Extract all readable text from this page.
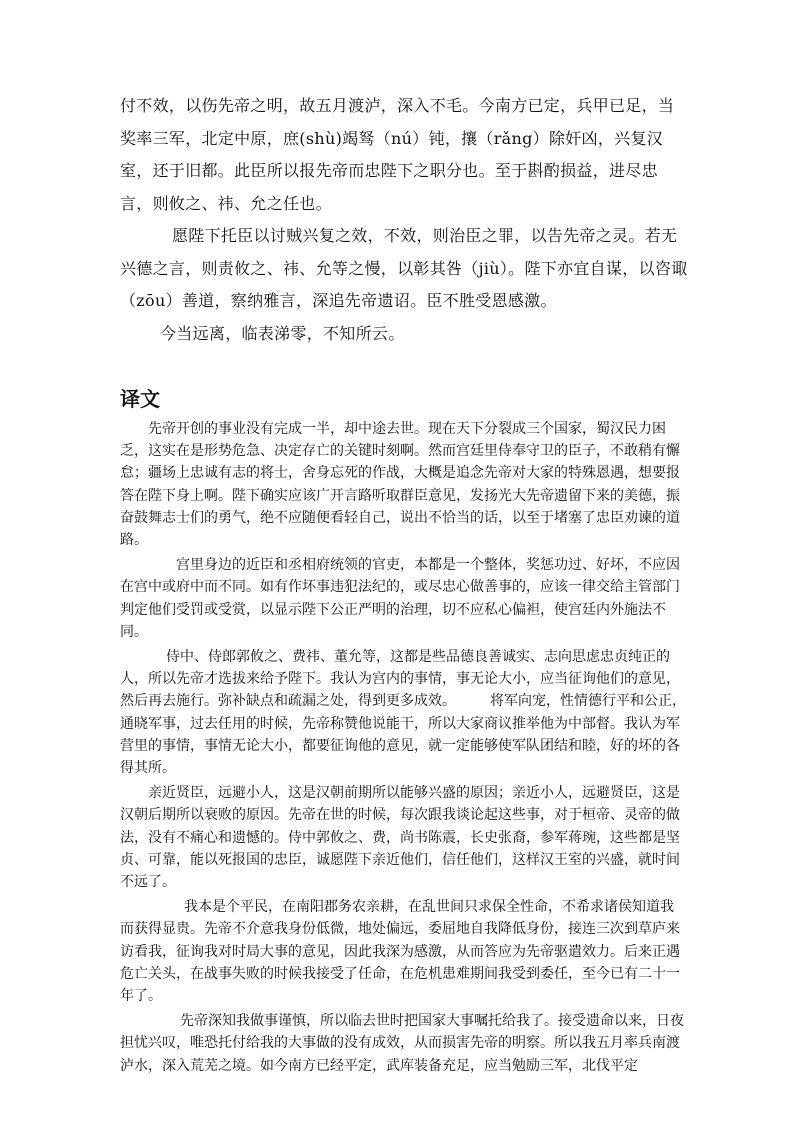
付不效，以伤先帝之明，故五月渡泸，深入不毛。今南方已定，兵甲已足，当奖率三军，北定中原，庶(shù)竭驽（nú）钝，攘（rǎng）除奸凶，兴复汉室，还于旧都。此臣所以报先帝而忠陛下之职分也。至于斟酌损益，进尽忠言，则攸之、祎、允之任也。

愿陛下托臣以讨贼兴复之效，不效，则治臣之罪，以告先帝之灵。若无兴德之言，则责攸之、祎、允等之慢，以彰其咎（jiù）。陛下亦宜自谋，以咨诹（zōu）善道，察纳雅言，深追先帝遗诏。臣不胜受恩感激。

今当远离，临表涕零，不知所云。

译文

先帝开创的事业没有完成一半，却中途去世。现在天下分裂成三个国家，蜀汉民力困乏，这实在是形势危急、决定存亡的关键时刻啊。然而宫廷里侍奉守卫的臣子，不敢稍有懈怠；疆场上忠诚有志的将士，舍身忘死的作战，大概是追念先帝对大家的特殊恩遇，想要报答在陛下身上啊。陛下确实应该广开言路听取群臣意见，发扬光大先帝遗留下来的美德，振奋鼓舞志士们的勇气，绝不应随便看轻自己，说出不恰当的话，以至于堵塞了忠臣劝谏的道路。

宫里身边的近臣和丞相府统领的官吏，本都是一个整体，奖惩功过、好坏，不应因在宫中或府中而不同。如有作坏事违犯法纪的，或尽忠心做善事的，应该一律交给主管部门判定他们受罚或受赏，以显示陛下公正严明的治理，切不应私心偏袒，使宫廷内外施法不同。

侍中、侍郎郭攸之、费祎、董允等，这都是些品德良善诚实、志向思虑忠贞纯正的人，所以先帝才选拔来给予陛下。我认为宫内的事情，事无论大小，应当征询他们的意见，然后再去施行。弥补缺点和疏漏之处，得到更多成效。 将军向宠，性情德行平和公正，通晓军事，过去任用的时候，先帝称赞他说能干，所以大家商议推举他为中部督。我认为军营里的事情，事情无论大小，都要征询他的意见，就一定能够使军队团结和睦，好的坏的各得其所。

亲近贤臣，远避小人，这是汉朝前期所以能够兴盛的原因；亲近小人，远避贤臣，这是汉朝后期所以衰败的原因。先帝在世的时候，每次跟我谈论起这些事，对于桓帝、灵帝的做法，没有不痛心和遗憾的。侍中郭攸之、费，尚书陈震，长史张裔，参军蒋琬，这些都是坚贞、可靠，能以死报国的忠臣，诚愿陛下亲近他们，信任他们，这样汉王室的兴盛，就时间不远了。

我本是个平民，在南阳郡务农亲耕，在乱世间只求保全性命，不希求诸侯知道我而获得显贵。先帝不介意我身份低微，地处偏远，委屈地自我降低身份，接连三次到草庐来访看我，征询我对时局大事的意见，因此我深为感激，从而答应为先帝驱遣效力。后来正遇危亡关头，在战事失败的时候我接受了任命，在危机患难期间我受到委任，至今已有二十一年了。

先帝深知我做事谨慎，所以临去世时把国家大事嘱托给我了。接受遗命以来，日夜担忧兴叹，唯恐托付给我的大事做的没有成效，从而损害先帝的明察。所以我五月率兵南渡泸水，深入荒芜之境。如今南方已经平定，武库装备充足，应当勉励三军，北伐平定
